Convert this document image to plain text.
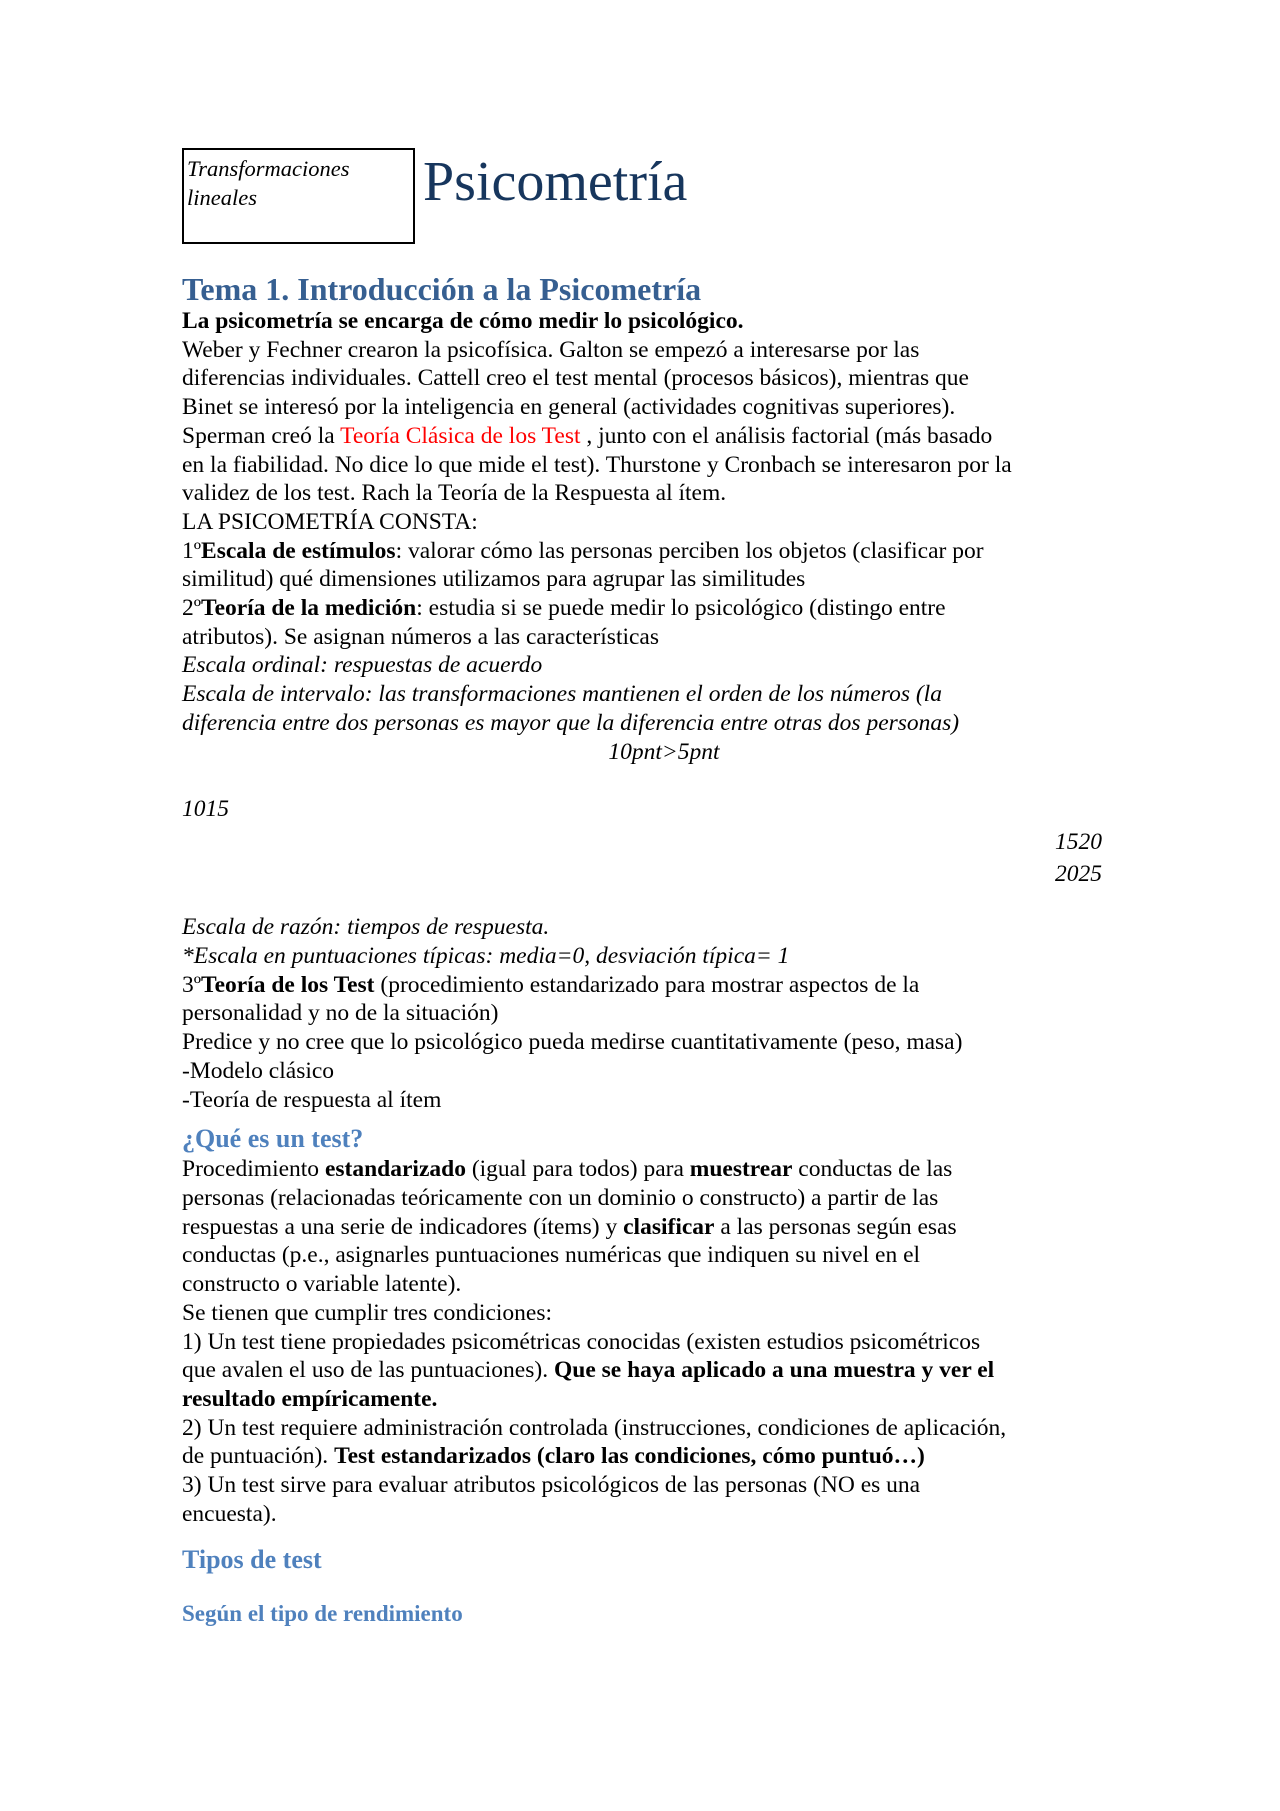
Transformaciones
lineales	Psicometría
Tema 1. Introducción a la Psicometría

La psicometría se encarga de cómo medir lo psicológico.

Weber y Fechner crearon la psicofísica. Galton se empezó a interesarse por las

diferencias individuales. Cattell creo el test mental (procesos básicos), mientras que

Binet se interesó por la inteligencia en general (actividades cognitivas superiores).

Sperman creó la Teoría Clásica de los Test , junto con el análisis factorial (más basado

en la fiabilidad. No dice lo que mide el test). Thurstone y Cronbach se interesaron por la

validez de los test. Rach la Teoría de la Respuesta al ítem.

LA PSICOMETRÍA CONSTA:

1ºEscala de estímulos: valorar cómo las personas perciben los objetos (clasificar por

similitud) qué dimensiones utilizamos para agrupar las similitudes

2ºTeoría de la medición: estudia si se puede medir lo psicológico (distingo entre

atributos). Se asignan números a las características

Escala ordinal: respuestas de acuerdo

Escala de intervalo: las transformaciones mantienen el orden de los números (la

diferencia entre dos personas es mayor que la diferencia entre otras dos personas)

10pnt>5pnt

1015

1520

2025

Escala de razón: tiempos de respuesta.

*Escala en puntuaciones típicas: media=0, desviación típica= 1

3ºTeoría de los Test (procedimiento estandarizado para mostrar aspectos de la

personalidad y no de la situación)

Predice y no cree que lo psicológico pueda medirse cuantitativamente (peso, masa)

-Modelo clásico

-Teoría de respuesta al ítem

¿Qué es un test?

Procedimiento estandarizado (igual para todos) para muestrear conductas de las

personas (relacionadas teóricamente con un dominio o constructo) a partir de las

respuestas a una serie de indicadores (ítems) y clasificar a las personas según esas

conductas (p.e., asignarles puntuaciones numéricas que indiquen su nivel en el

constructo o variable latente).

Se tienen que cumplir tres condiciones:

1) Un test tiene propiedades psicométricas conocidas (existen estudios psicométricos

que avalen el uso de las puntuaciones). Que se haya aplicado a una muestra y ver el

resultado empíricamente.

2) Un test requiere administración controlada (instrucciones, condiciones de aplicación,

de puntuación). Test estandarizados (claro las condiciones, cómo puntuó…)

3) Un test sirve para evaluar atributos psicológicos de las personas (NO es una

encuesta).

Tipos de test
Según el tipo de rendimiento
